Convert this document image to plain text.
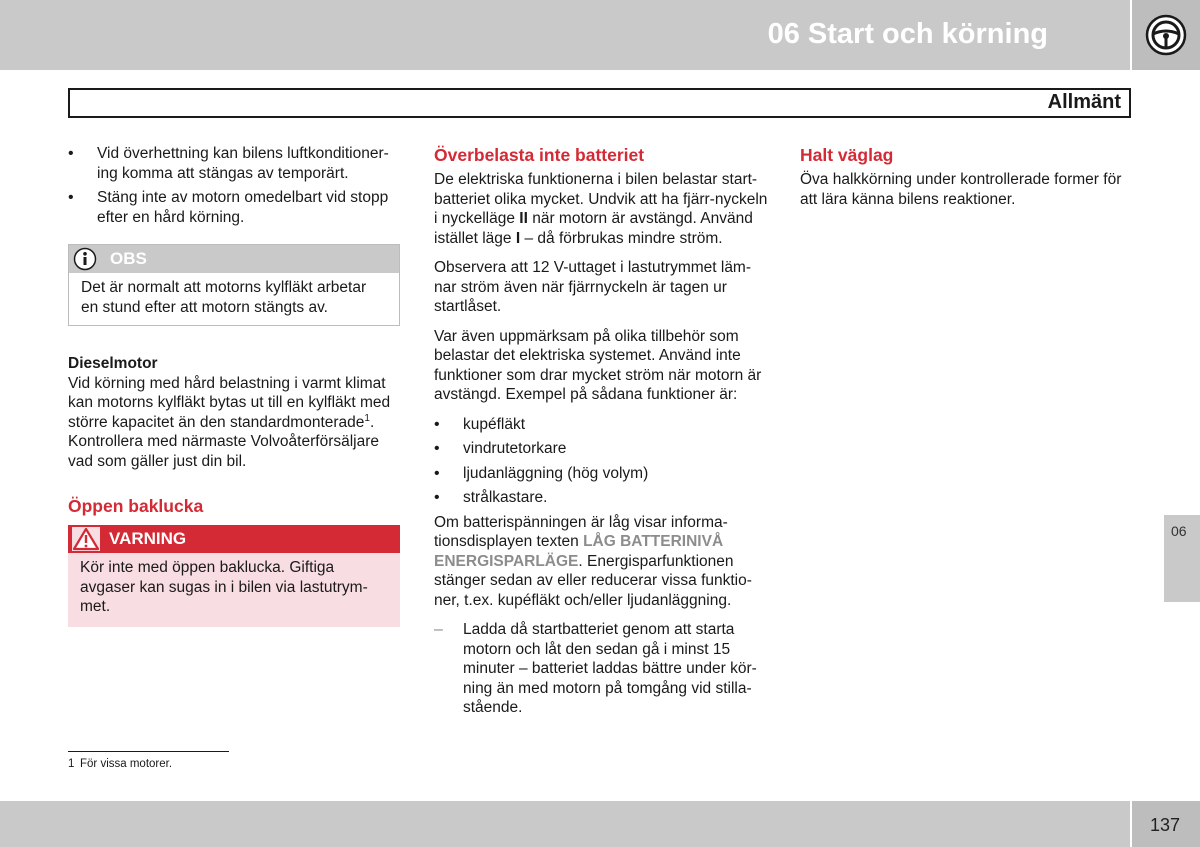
06 Start och körning
Allmänt
• Vid överhettning kan bilens luftkonditioner-ing komma att stängas av temporärt.
• Stäng inte av motorn omedelbart vid stopp efter en hård körning.
OBS
Det är normalt att motorns kylfläkt arbetar en stund efter att motorn stängts av.
Dieselmotor

Vid körning med hård belastning i varmt klimat kan motorns kylfläkt bytas ut till en kylfläkt med större kapacitet än den standardmonterade$^1$. Kontrollera med närmaste Volvoåterförsäljare vad som gäller just din bil.

Öppen baklucka
VARNING
Kör inte med öppen baklucka. Giftiga avgaser kan sugas in i bilen via lastutrym-met.
Överbelasta inte batteriet

De elektriska funktionerna i bilen belastar start-batteriet olika mycket. Undvik att ha fjärr-nyckeln i nyckelläge II när motorn är avstängd. Använd istället läge I – då förbrukas mindre ström.

Observera att 12 V-uttaget i lastutrymmet läm-nar ström även när fjärrnyckeln är tagen ur startlåset.

Var även uppmärksam på olika tillbehör som belastar det elektriska systemet. Använd inte funktioner som drar mycket ström när motorn är avstängd. Exempel på sådana funktioner är:

• kupéfläkt
• vindrutetorkare
• ljudanläggning (hög volym)
• strålkastare.

Om batterispänningen är låg visar informa-tionsdisplayen texten LÅG BATTERINIVÅ ENERGISPARLÄGE. Energisparfunktionen stänger sedan av eller reducerar vissa funktio-ner, t.ex. kupéfläkt och/eller ljudanläggning.

– Ladda då startbatteriet genom att starta motorn och låt den sedan gå i minst 15 minuter – batteriet laddas bättre under kör-ning än med motorn på tomgång vid stilla-stående.
Halt väglag

Öva halkkörning under kontrollerade former för att lära känna bilens reaktioner.

06
1 För vissa motorer.
137
